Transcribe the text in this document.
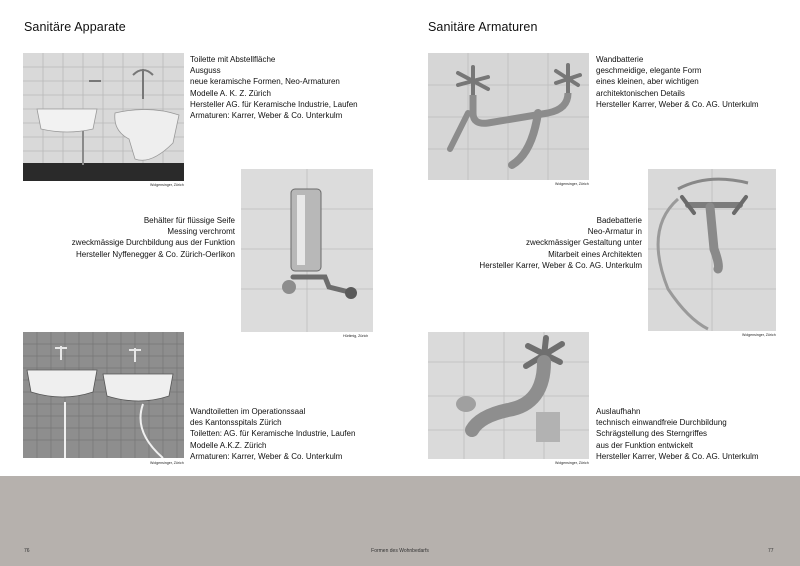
Sanitäre Apparate
Wolgensinger, Zürich
Toilette mit Abstellfläche
Ausguss
neue keramische Formen, Neo-Armaturen
Modelle A. K. Z. Zürich
Hersteller AG. für Keramische Industrie, Laufen
Armaturen: Karrer, Weber & Co. Unterkulm
Hürlimig, Zürich
Behälter für flüssige Seife
Messing verchromt
zweckmässige Durchbildung aus der Funktion
Hersteller Nyffenegger & Co. Zürich-Oerlikon
Wolgensinger, Zürich
Wandtoiletten im Operationssaal
des Kantonsspitals Zürich
Toiletten: AG. für Keramische Industrie, Laufen
Modelle A.K.Z. Zürich
Armaturen: Karrer, Weber & Co. Unterkulm
Sanitäre Armaturen
Wolgensinger, Zürich
Wandbatterie
geschmeidige, elegante Form
eines kleinen, aber wichtigen
architektonischen Details
Hersteller Karrer, Weber & Co. AG. Unterkulm
Wolgensinger, Zürich
Badebatterie
Neo-Armatur in
zweckmässiger Gestaltung unter
Mitarbeit eines Architekten
Hersteller Karrer, Weber & Co. AG. Unterkulm
Wolgensinger, Zürich
Auslaufhahn
technisch einwandfreie Durchbildung
Schrägstellung des Sterngriffes
aus der Funktion entwickelt
Hersteller Karrer, Weber & Co. AG. Unterkulm
76	Formen des Wohnbedarfs	77
